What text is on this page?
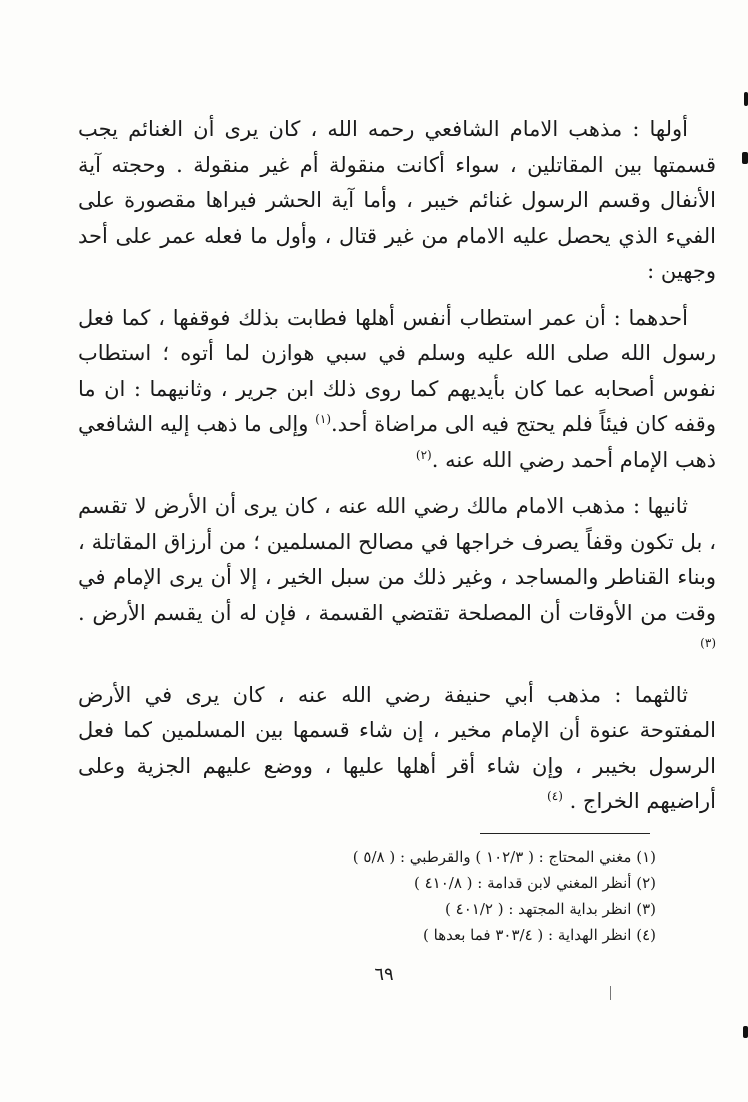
أولها : مذهب الامام الشافعي رحمه الله ، كان يرى أن الغنائم يجب قسمتها بين المقاتلين ، سواء أكانت منقولة أم غير منقولة . وحجته آية الأنفال وقسم الرسول غنائم خيبر ، وأما آية الحشر فيراها مقصورة على الفيء الذي يحصل عليه الامام من غير قتال ، وأول ما فعله عمر على أحد وجهين :

أحدهما : أن عمر استطاب أنفس أهلها فطابت بذلك فوقفها ، كما فعل رسول الله صلى الله عليه وسلم في سبي هوازن لما أتوه ؛ استطاب نفوس أصحابه عما كان بأيديهم كما روى ذلك ابن جرير ، وثانيهما : ان ما وقفه كان فيئاً فلم يحتج فيه الى مراضاة أحد.$^{(١)}$ وإلى ما ذهب إليه الشافعي ذهب الإمام أحمد رضي الله عنه .$^{(٢)}$

ثانيها : مذهب الامام مالك رضي الله عنه ، كان يرى أن الأرض لا تقسم ، بل تكون وقفاً يصرف خراجها في مصالح المسلمين ؛ من أرزاق المقاتلة ، وبناء القناطر والمساجد ، وغير ذلك من سبل الخير ، إلا أن يرى الإمام في وقت من الأوقات أن المصلحة تقتضي القسمة ، فإن له أن يقسم الأرض . $^{(٣)}$

ثالثهما : مذهب أبي حنيفة رضي الله عنه ، كان يرى في الأرض المفتوحة عنوة أن الإمام مخير ، إن شاء قسمها بين المسلمين كما فعل الرسول بخيبر ، وإن شاء أقر أهلها عليها ، ووضع عليهم الجزية وعلى أراضيهم الخراج . $^{(٤)}$

(١) مغني المحتاج : ( ١٠٢/٣ ) والقرطبي : ( ٥/٨ )
(٢) أنظر المغني لابن قدامة : ( ٤١٠/٨ )
(٣) انظر بداية المجتهد : ( ٤٠١/٢ )
(٤) انظر الهداية : ( ٣٠٣/٤ فما بعدها )
٦٩
